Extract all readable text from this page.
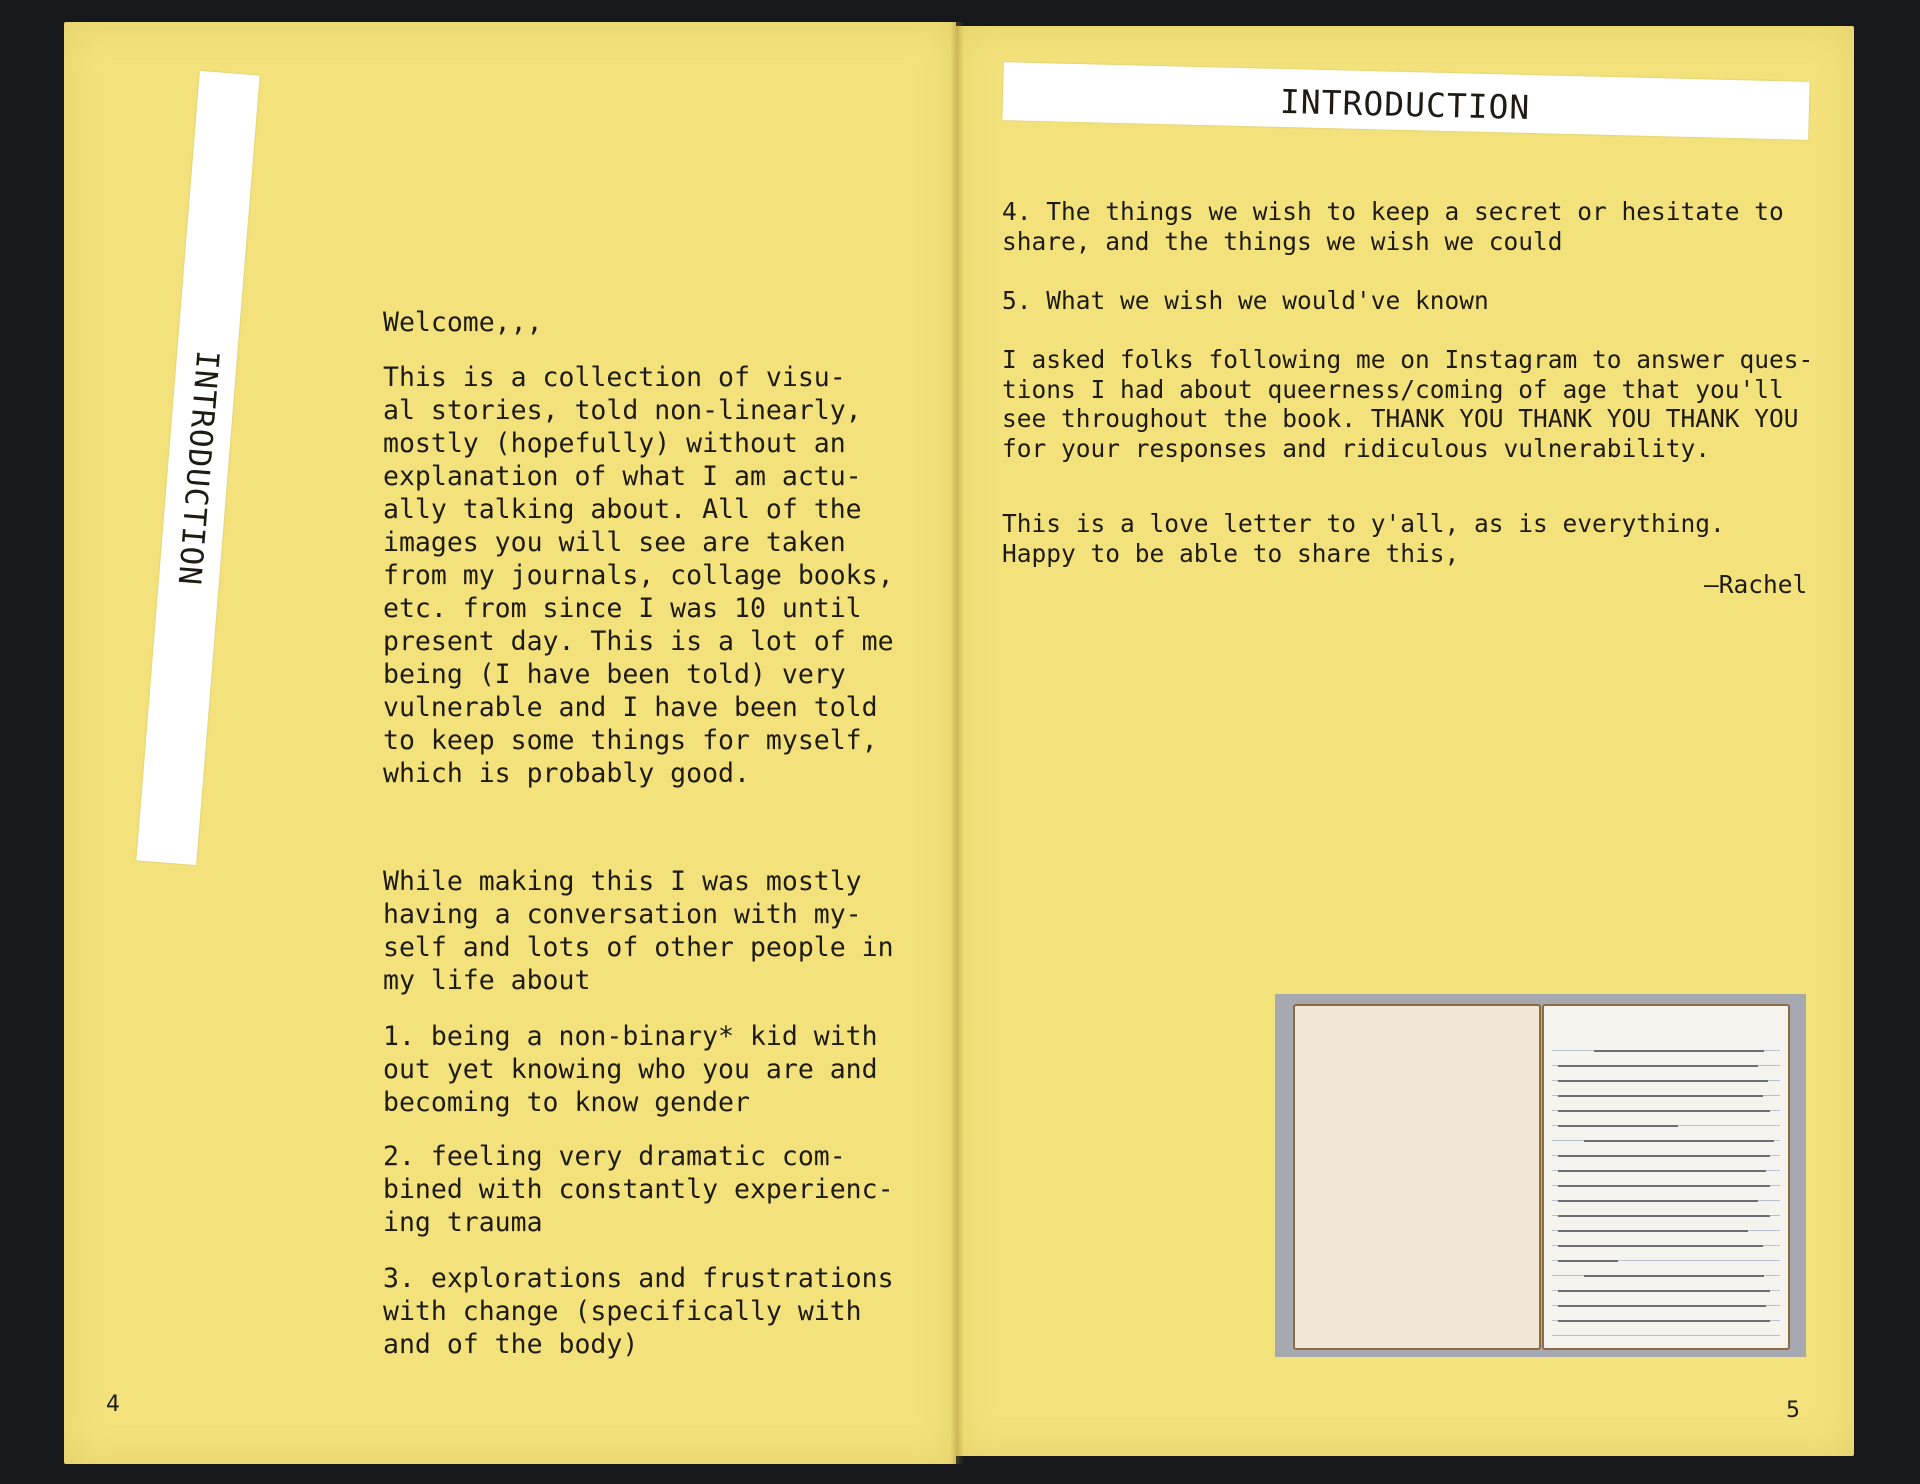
INTRODUCTION
Welcome,,,
This is a collection of visu-
al stories, told non-linearly,
mostly (hopefully) without an
explanation of what I am actu-
ally talking about. All of the
images you will see are taken
from my journals, collage books,
etc. from since I was 10 until
present day. This is a lot of me
being (I have been told) very
vulnerable and I have been told
to keep some things for myself,
which is probably good.
While making this I was mostly
having a conversation with my-
self and lots of other people in
my life about
1. being a non-binary* kid with
out yet knowing who you are and
becoming to know gender
2. feeling very dramatic com-
bined with constantly experienc-
ing trauma
3. explorations and frustrations
with change (specifically with
and of the body)
4
INTRODUCTION
4. The things we wish to keep a secret or hesitate to
share, and the things we wish we could
5. What we wish we would've known
I asked folks following me on Instagram to answer ques-
tions I had about queerness/coming of age that you'll
see throughout the book. THANK YOU THANK YOU THANK YOU
for your responses and ridiculous vulnerability.
This is a love letter to y'all, as is everything.
Happy to be able to share this,
—Rachel
5
